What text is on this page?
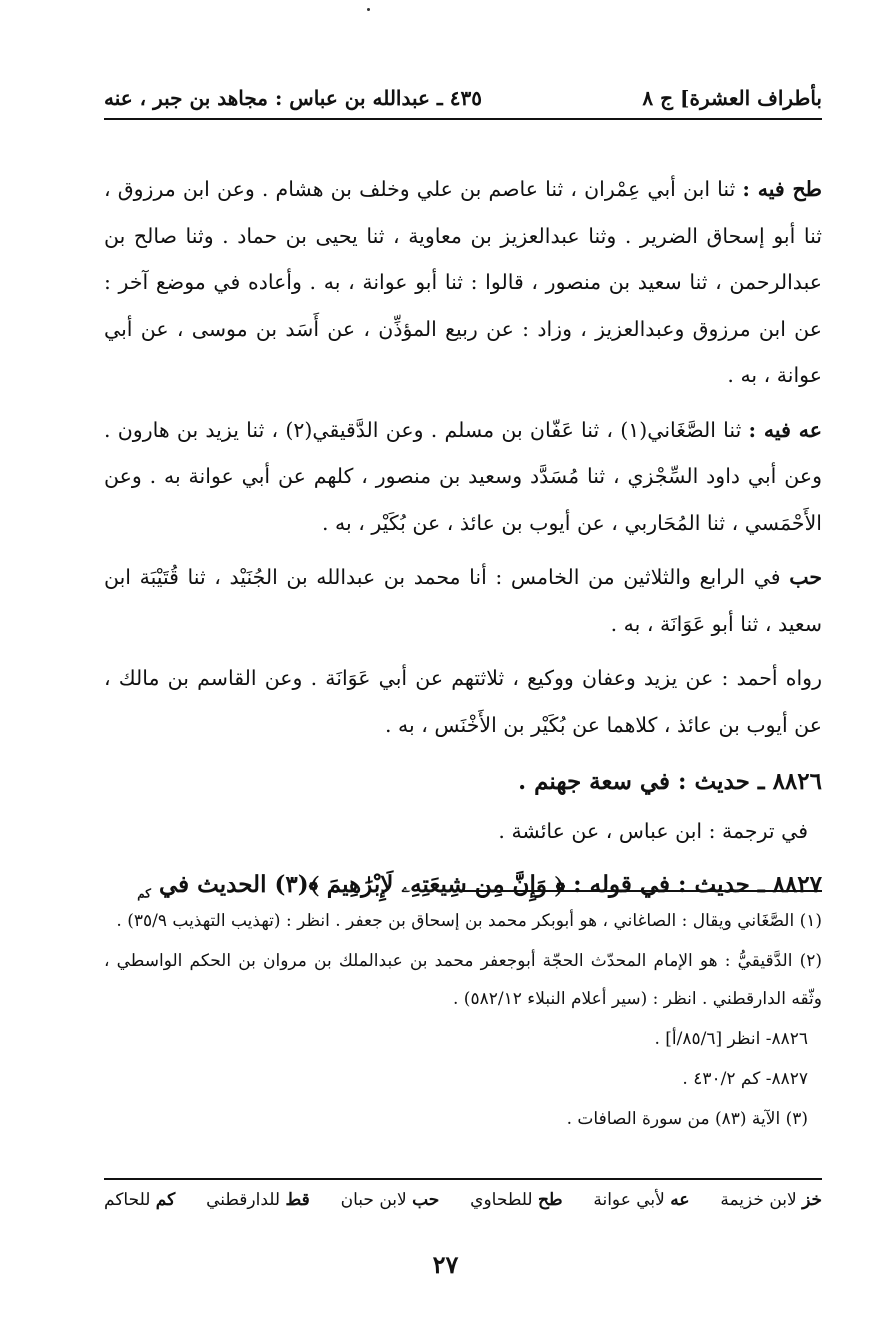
بأطراف العشرة] ج ٨
٤٣٥ ـ عبدالله بن عباس : مجاهد بن جبر ، عنه

طح فيه : ثنا ابن أبي عِمْران ، ثنا عاصم بن علي وخلف بن هشام . وعن ابن مرزوق ، ثنا أبو إسحاق الضرير . وثنا عبدالعزيز بن معاوية ، ثنا يحيى بن حماد . وثنا صالح بن عبدالرحمن ، ثنا سعيد بن منصور ، قالوا : ثنا أبو عوانة ، به . وأعاده في موضع آخر : عن ابن مرزوق وعبدالعزيز ، وزاد : عن ربيع المؤذِّن ، عن أَسَد بن موسى ، عن أبي عوانة ، به .

عه فيه : ثنا الصَّغَاني(١) ، ثنا عَفّان بن مسلم . وعن الدَّقيقي(٢) ، ثنا يزيد بن هارون . وعن أبي داود السِّجْزي ، ثنا مُسَدَّد وسعيد بن منصور ، كلهم عن أبي عوانة به . وعن الأَحْمَسي ، ثنا المُحَاربي ، عن أيوب بن عائذ ، عن بُكَيْر ، به .

حب في الرابع والثلاثين من الخامس : أنا محمد بن عبدالله بن الجُنَيْد ، ثنا قُتَيْبَة ابن سعيد ، ثنا أبو عَوَانَة ، به .

رواه أحمد : عن يزيد وعفان ووكيع ، ثلاثتهم عن أبي عَوَانَة . وعن القاسم بن مالك ، عن أيوب بن عائذ ، كلاهما عن بُكَيْر بن الأَخْنَس ، به .

٨٨٢٦ ـ حديث : في سعة جهنم .

في ترجمة : ابن عباس ، عن عائشة .

٨٨٢٧ ـ حديث : في قوله : ﴿ وَإِنَّ مِن شِيعَتِهِۦ لَإِبْرَٰهِيمَ ﴾(٣) الحديث في $_{كم}$

(١) الصَّغَاني ويقال : الصاغاني ، هو أبوبكر محمد بن إسحاق بن جعفر . انظر : (تهذيب التهذيب ٣٥/٩) .

(٢) الدَّقيقيُّ : هو الإمام المحدّث الحجّة أبوجعفر محمد بن عبدالملك بن مروان بن الحكم الواسطي ، وثّقه الدارقطني . انظر : (سير أعلام النبلاء ٥٨٢/١٢) .

٨٨٢٦- انظر [٨٥/٦/أ] .

٨٨٢٧- كم ٤٣٠/٢ .

(٣) الآية (٨٣) من سورة الصافات .

خز لابن خزيمة
عه لأبي عوانة
طح للطحاوي
حب لابن حبان
قط للدارقطني
كم للحاكم
٢٧
